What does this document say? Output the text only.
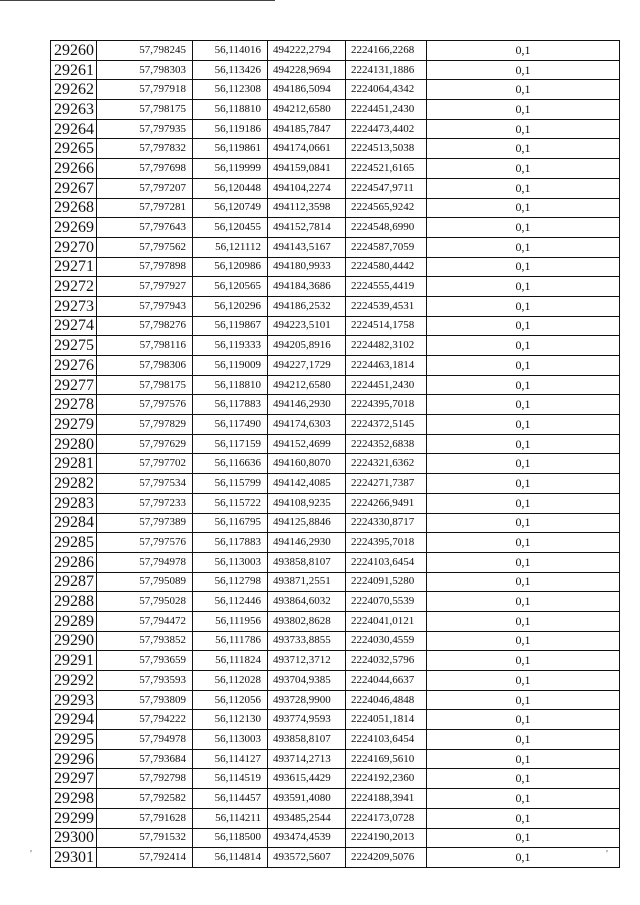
'	'
29260	57,798245	56,114016	494222,2794	2224166,2268	0,1
29261	57,798303	56,113426	494228,9694	2224131,1886	0,1
29262	57,797918	56,112308	494186,5094	2224064,4342	0,1
29263	57,798175	56,118810	494212,6580	2224451,2430	0,1
29264	57,797935	56,119186	494185,7847	2224473,4402	0,1
29265	57,797832	56,119861	494174,0661	2224513,5038	0,1
29266	57,797698	56,119999	494159,0841	2224521,6165	0,1
29267	57,797207	56,120448	494104,2274	2224547,9711	0,1
29268	57,797281	56,120749	494112,3598	2224565,9242	0,1
29269	57,797643	56,120455	494152,7814	2224548,6990	0,1
29270	57,797562	56,121112	494143,5167	2224587,7059	0,1
29271	57,797898	56,120986	494180,9933	2224580,4442	0,1
29272	57,797927	56,120565	494184,3686	2224555,4419	0,1
29273	57,797943	56,120296	494186,2532	2224539,4531	0,1
29274	57,798276	56,119867	494223,5101	2224514,1758	0,1
29275	57,798116	56,119333	494205,8916	2224482,3102	0,1
29276	57,798306	56,119009	494227,1729	2224463,1814	0,1
29277	57,798175	56,118810	494212,6580	2224451,2430	0,1
29278	57,797576	56,117883	494146,2930	2224395,7018	0,1
29279	57,797829	56,117490	494174,6303	2224372,5145	0,1
29280	57,797629	56,117159	494152,4699	2224352,6838	0,1
29281	57,797702	56,116636	494160,8070	2224321,6362	0,1
29282	57,797534	56,115799	494142,4085	2224271,7387	0,1
29283	57,797233	56,115722	494108,9235	2224266,9491	0,1
29284	57,797389	56,116795	494125,8846	2224330,8717	0,1
29285	57,797576	56,117883	494146,2930	2224395,7018	0,1
29286	57,794978	56,113003	493858,8107	2224103,6454	0,1
29287	57,795089	56,112798	493871,2551	2224091,5280	0,1
29288	57,795028	56,112446	493864,6032	2224070,5539	0,1
29289	57,794472	56,111956	493802,8628	2224041,0121	0,1
29290	57,793852	56,111786	493733,8855	2224030,4559	0,1
29291	57,793659	56,111824	493712,3712	2224032,5796	0,1
29292	57,793593	56,112028	493704,9385	2224044,6637	0,1
29293	57,793809	56,112056	493728,9900	2224046,4848	0,1
29294	57,794222	56,112130	493774,9593	2224051,1814	0,1
29295	57,794978	56,113003	493858,8107	2224103,6454	0,1
29296	57,793684	56,114127	493714,2713	2224169,5610	0,1
29297	57,792798	56,114519	493615,4429	2224192,2360	0,1
29298	57,792582	56,114457	493591,4080	2224188,3941	0,1
29299	57,791628	56,114211	493485,2544	2224173,0728	0,1
29300	57,791532	56,118500	493474,4539	2224190,2013	0,1
29301	57,792414	56,114814	493572,5607	2224209,5076	0,1
